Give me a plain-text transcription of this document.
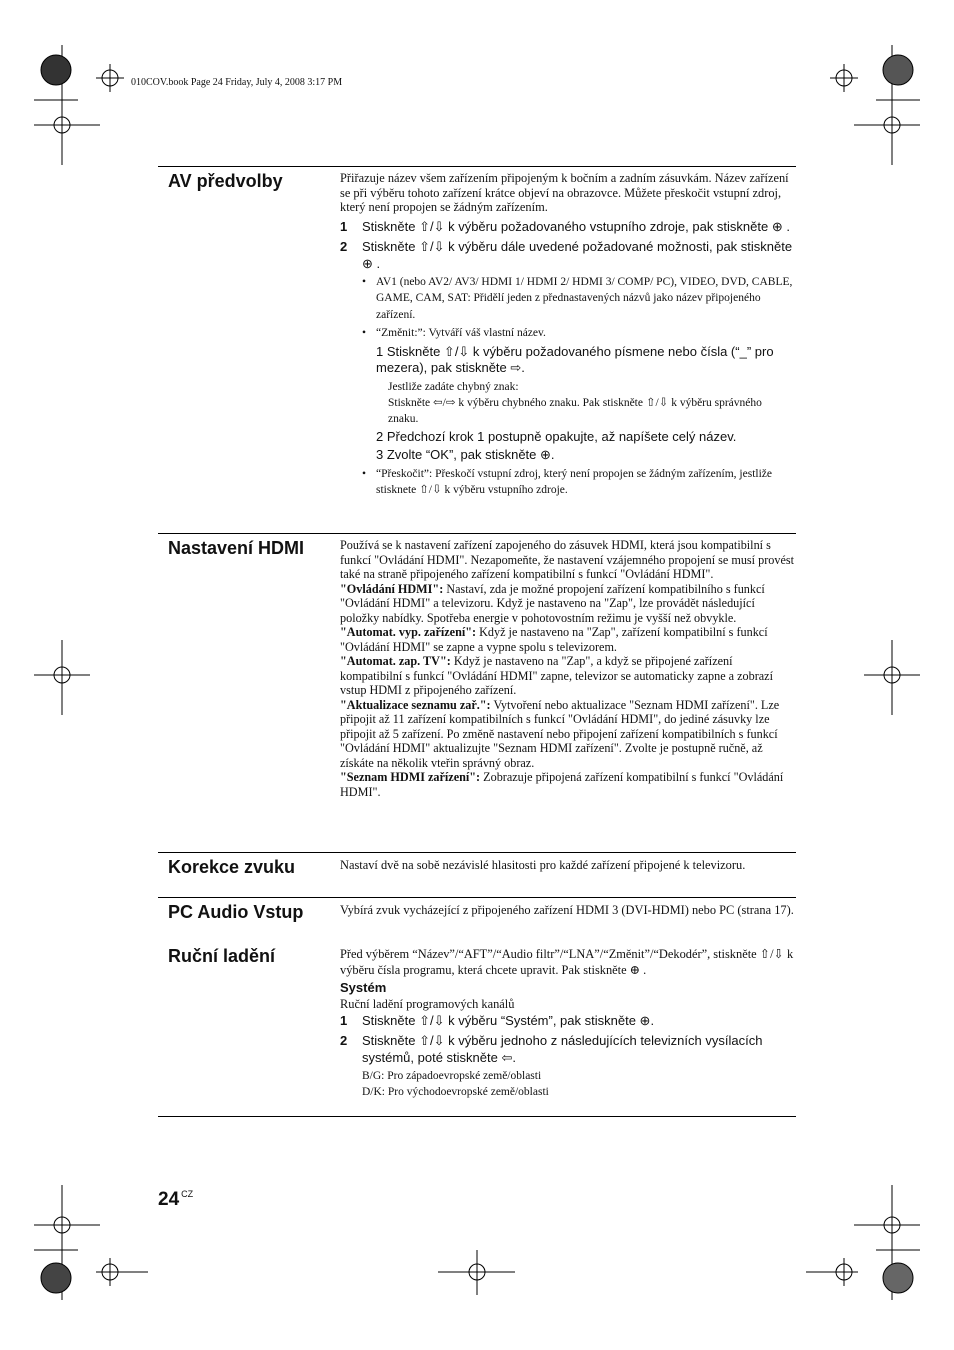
010COV.book Page 24 Friday, July 4, 2008 3:17 PM
AV předvolby	Přiřazuje název všem zařízením připojeným k bočním a zadním zásuvkám. Název zařízení se při výběru tohoto zařízení krátce objeví na obrazovce. Můžete přeskočit vstupní zdroj, který není propojen se žádným zařízením.

1	Stiskněte ⇧/⇩ k výběru požadovaného vstupního zdroje, pak stiskněte ⊕ .
2	Stiskněte ⇧/⇩ k výběru dále uvedené požadované možnosti, pak stiskněte ⊕ .
• AV1 (nebo AV2/ AV3/ HDMI 1/ HDMI 2/ HDMI 3/ COMP/ PC), VIDEO, DVD, CABLE, GAME, CAM, SAT: Přidělí jeden z přednastavených názvů jako název připojeného zařízení.
• “Změnit:”: Vytváří váš vlastní název.
1 Stiskněte ⇧/⇩ k výběru požadovaného písmene nebo čísla (“_” pro mezera), pak stiskněte ⇨.
Jestliže zadáte chybný znak:
Stiskněte ⇦/⇨ k výběru chybného znaku. Pak stiskněte ⇧/⇩ k výběru správného znaku.
2 Předchozí krok 1 postupně opakujte, až napíšete celý název.
3 Zvolte “OK”, pak stiskněte ⊕.
• “Přeskočit”: Přeskočí vstupní zdroj, který není propojen se žádným zařízením, jestliže stisknete ⇧/⇩ k výběru vstupního zdroje.
Nastavení HDMI	Používá se k nastavení zařízení zapojeného do zásuvek HDMI, která jsou kompatibilní s funkcí "Ovládání HDMI". Nezapomeňte, že nastavení vzájemného propojení se musí provést také na straně připojeného zařízení kompatibilní s funkcí "Ovládání HDMI".

"Ovládání HDMI": Nastaví, zda je možné propojení zařízení kompatibilního s funkcí "Ovládání HDMI" a televizoru. Když je nastaveno na "Zap", lze provádět následující položky nabídky. Spotřeba energie v pohotovostním režimu je vyšší než obvykle.

"Automat. vyp. zařízení": Když je nastaveno na "Zap", zařízení kompatibilní s funkcí "Ovládání HDMI" se zapne a vypne spolu s televizorem.

"Automat. zap. TV": Když je nastaveno na "Zap", a když se připojené zařízení kompatibilní s funkcí "Ovládání HDMI" zapne, televizor se automaticky zapne a zobrazí vstup HDMI z připojeného zařízení.

"Aktualizace seznamu zař.": Vytvoření nebo aktualizace "Seznam HDMI zařízení". Lze připojit až 11 zařízení kompatibilních s funkcí "Ovládání HDMI", do jediné zásuvky lze připojit až 5 zařízení. Po změně nastavení nebo připojení zařízení kompatibilních s funkcí "Ovládání HDMI" aktualizujte "Seznam HDMI zařízení". Zvolte je postupně ručně, až získáte na několik vteřin správný obraz.

"Seznam HDMI zařízení": Zobrazuje připojená zařízení kompatibilní s funkcí "Ovládání HDMI".

Korekce zvuku	Nastaví dvě na sobě nezávislé hlasitosti pro každé zařízení připojené k televizoru.
PC Audio Vstup	Vybírá zvuk vycházející z připojeného zařízení HDMI 3 (DVI-HDMI) nebo PC (strana 17).
Ruční ladění	Před výběrem “Název”/“AFT”/“Audio filtr”/“LNA”/“Změnit”/“Dekodér”, stiskněte ⇧/⇩ k výběru čísla programu, která chcete upravit. Pak stiskněte ⊕ .

Systém

Ruční ladění programových kanálů

1	Stiskněte ⇧/⇩ k výběru “Systém”, pak stiskněte ⊕.
2	Stiskněte ⇧/⇩ k výběru jednoho z následujících televizních vysílacích systémů, poté stiskněte ⇦.
B/G: Pro západoevropské země/oblasti
D/K: Pro východoevropské země/oblasti
24 $^{CZ}$
